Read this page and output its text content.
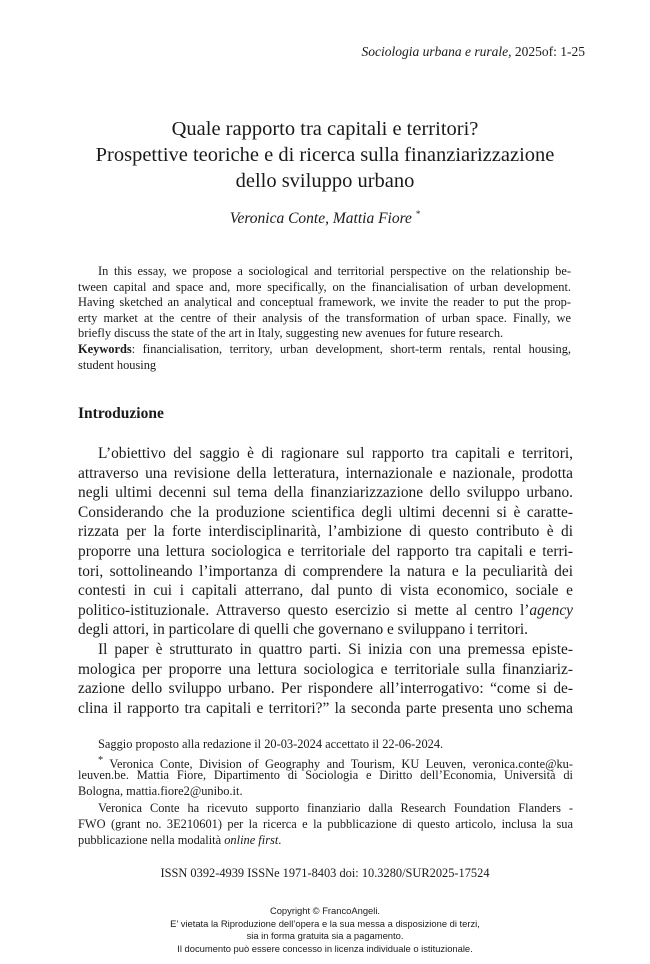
Sociologia urbana e rurale, 2025of: 1-25
Quale rapporto tra capitali e territori?
Prospettive teoriche e di ricerca sulla finanziarizzazione
dello sviluppo urbano
Veronica Conte, Mattia Fiore *
In this essay, we propose a sociological and territorial perspective on the relationship be-
tween capital and space and, more specifically, on the financialisation of urban development.
Having sketched an analytical and conceptual framework, we invite the reader to put the prop-
erty market at the centre of their analysis of the transformation of urban space. Finally, we
briefly discuss the state of the art in Italy, suggesting new avenues for future research.
Keywords: financialisation, territory, urban development, short-term rentals, rental housing,
student housing
Introduzione
L’obiettivo del saggio è di ragionare sul rapporto tra capitali e territori,
attraverso una revisione della letteratura, internazionale e nazionale, prodotta
negli ultimi decenni sul tema della finanziarizzazione dello sviluppo urbano.
Considerando che la produzione scientifica degli ultimi decenni si è caratte-
rizzata per la forte interdisciplinarità, l’ambizione di questo contributo è di
proporre una lettura sociologica e territoriale del rapporto tra capitali e terri-
tori, sottolineando l’importanza di comprendere la natura e la peculiarità dei
contesti in cui i capitali atterrano, dal punto di vista economico, sociale e
politico-istituzionale. Attraverso questo esercizio si mette al centro l’agency
degli attori, in particolare di quelli che governano e sviluppano i territori.
Il paper è strutturato in quattro parti. Si inizia con una premessa episte-
mologica per proporre una lettura sociologica e territoriale sulla finanziariz-
zazione dello sviluppo urbano. Per rispondere all’interrogativo: “come si de-
clina il rapporto tra capitali e territori?” la seconda parte presenta uno schema
Saggio proposto alla redazione il 20-03-2024 accettato il 22-06-2024.
* Veronica Conte, Division of Geography and Tourism, KU Leuven, veronica.conte@ku-
leuven.be. Mattia Fiore, Dipartimento di Sociologia e Diritto dell’Economia, Università di
Bologna, mattia.fiore2@unibo.it.
Veronica Conte ha ricevuto supporto finanziario dalla Research Foundation Flanders -
FWO (grant no. 3E210601) per la ricerca e la pubblicazione di questo articolo, inclusa la sua
pubblicazione nella modalità online first.
ISSN 0392-4939 ISSNe 1971-8403 doi: 10.3280/SUR2025-17524
Copyright © FrancoAngeli.
E’ vietata la Riproduzione dell’opera e la sua messa a disposizione di terzi,
sia in forma gratuita sia a pagamento.
Il documento può essere concesso in licenza individuale o istituzionale.
